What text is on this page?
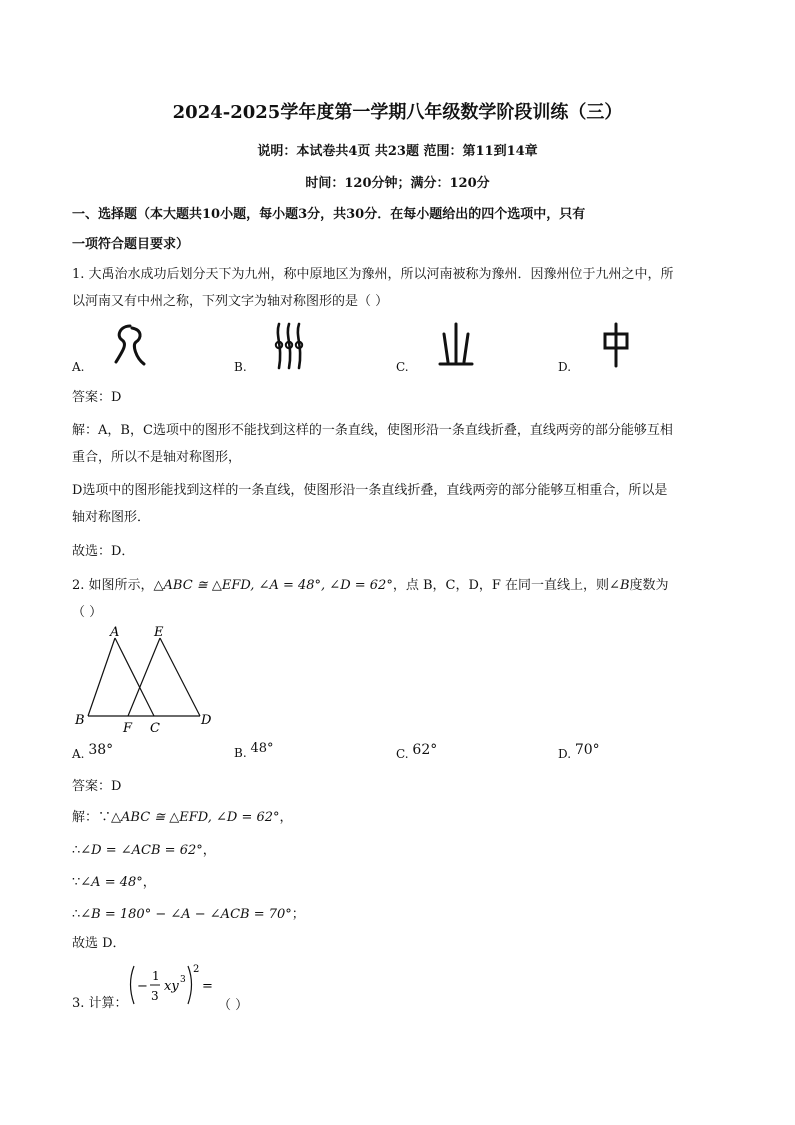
2024-2025学年度第一学期八年级数学阶段训练（三）
说明：本试卷共4页 共23题 范围：第11到14章
时间：120分钟；满分：120分
一、选择题（本大题共10小题，每小题3分，共30分．在每小题给出的四个选项中，只有
一项符合题目要求）
1. 大禹治水成功后划分天下为九州，称中原地区为豫州，所以河南被称为豫州．因豫州位于九州之中，所
以河南又有中州之称，下列文字为轴对称图形的是（ ）
A.	B.	C.	D.
答案：D
解：A，B，C选项中的图形不能找到这样的一条直线，使图形沿一条直线折叠，直线两旁的部分能够互相
重合，所以不是轴对称图形，
D选项中的图形能找到这样的一条直线，使图形沿一条直线折叠，直线两旁的部分能够互相重合，所以是
轴对称图形．
故选：D．
2. 如图所示，△ABC ≅ △EFD, ∠A = 48°, ∠D = 62°，点 B，C，D，F 在同一直线上，则∠B度数为
（ ）
A	E
B
F C
D
A. 38°	B. 48°	C. 62°	D. 70°
答案：D
解：∵△ABC ≅ △EFD, ∠D = 62°，
∴∠D = ∠ACB = 62°，
∵∠A = 48°，
∴∠B = 180° − ∠A − ∠ACB = 70°；
故选 D．
3. 计算：
−
1
3
xy 3
2
=
（ ）
